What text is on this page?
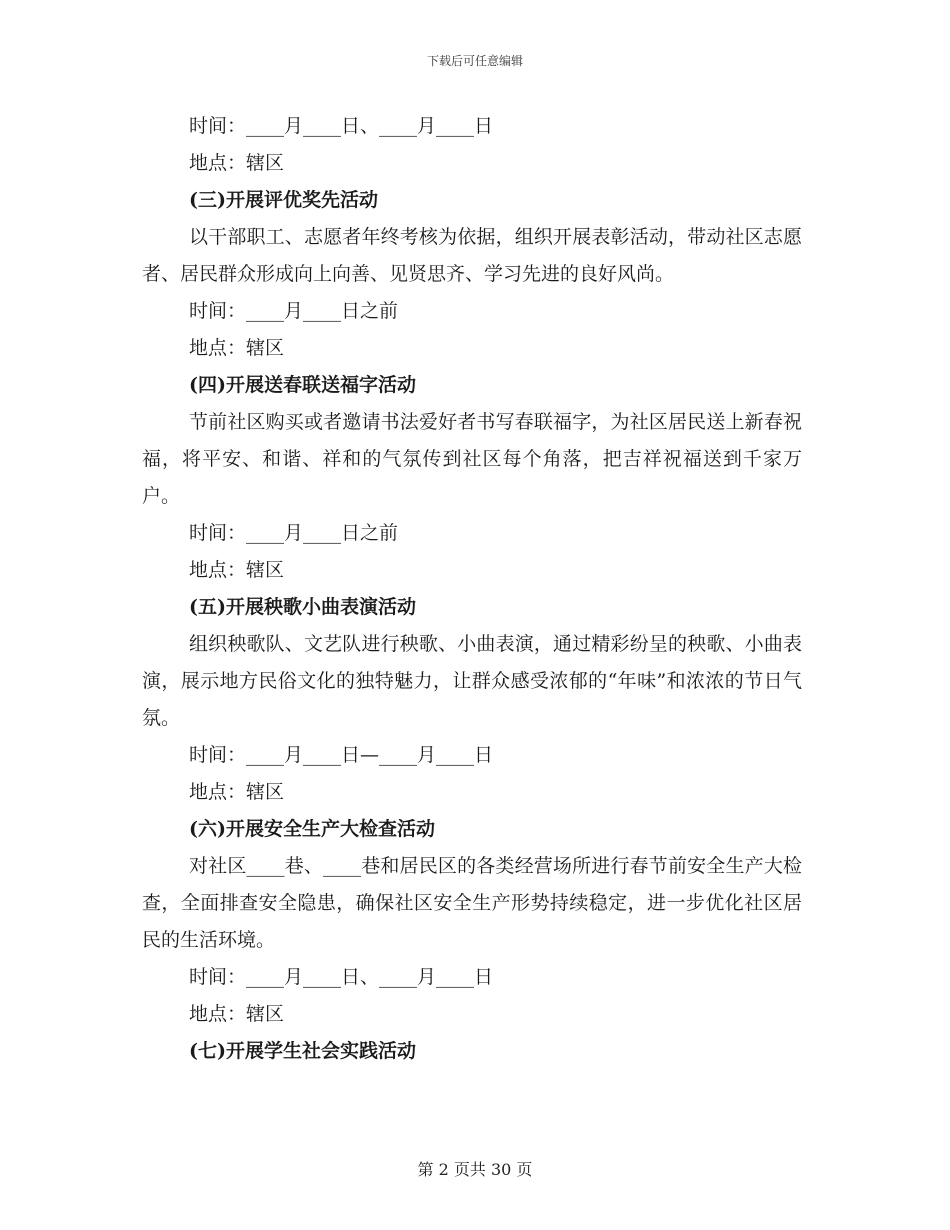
下载后可任意编辑
时间：____月____日、____月____日
地点：辖区
(三)开展评优奖先活动
以干部职工、志愿者年终考核为依据，组织开展表彰活动，带动社区志愿者、居民群众形成向上向善、见贤思齐、学习先进的良好风尚。
时间：____月____日之前
地点：辖区
(四)开展送春联送福字活动
节前社区购买或者邀请书法爱好者书写春联福字，为社区居民送上新春祝福，将平安、和谐、祥和的气氛传到社区每个角落，把吉祥祝福送到千家万户。
时间：____月____日之前
地点：辖区
(五)开展秧歌小曲表演活动
组织秧歌队、文艺队进行秧歌、小曲表演，通过精彩纷呈的秧歌、小曲表演，展示地方民俗文化的独特魅力，让群众感受浓郁的“年味”和浓浓的节日气氛。
时间：____月____日—____月____日
地点：辖区
(六)开展安全生产大检查活动
对社区____巷、____巷和居民区的各类经营场所进行春节前安全生产大检查，全面排查安全隐患，确保社区安全生产形势持续稳定，进一步优化社区居民的生活环境。
时间：____月____日、____月____日
地点：辖区
(七)开展学生社会实践活动
第 2 页共 30 页
